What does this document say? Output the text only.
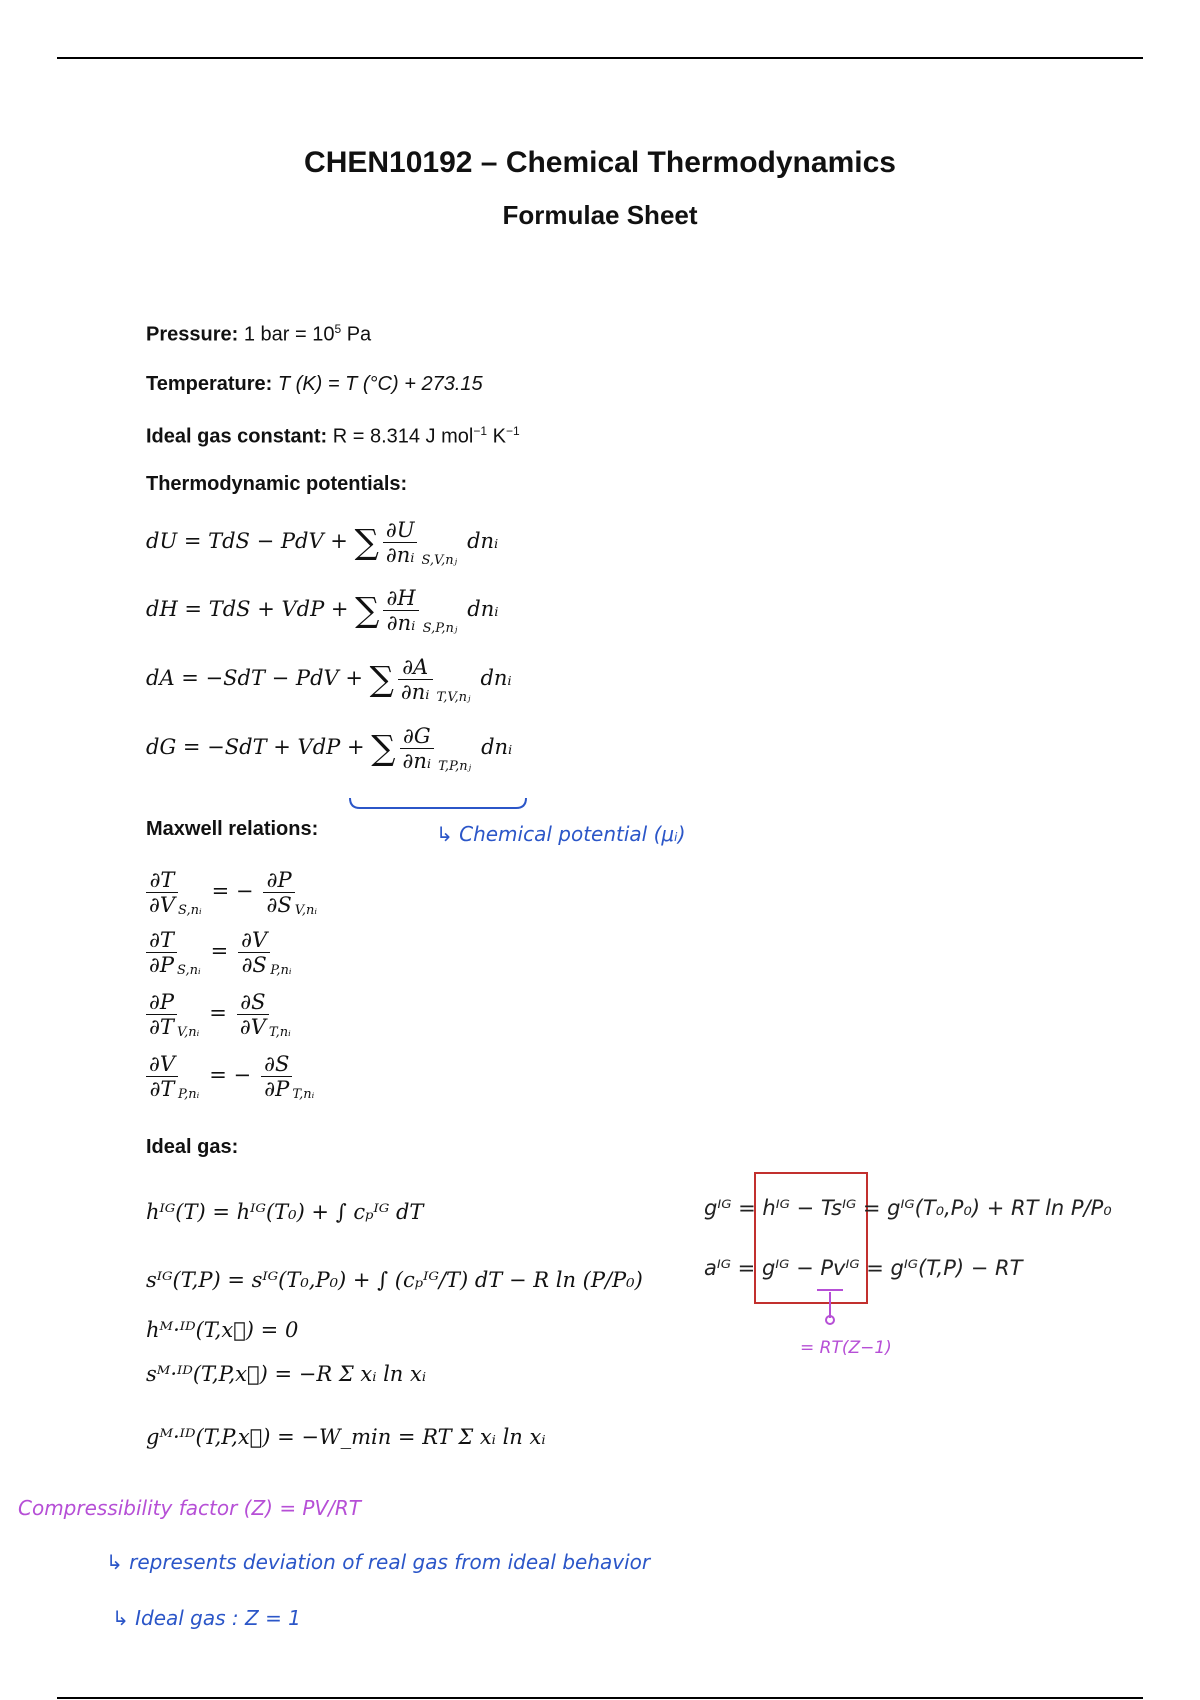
CHEN10192 – Chemical Thermodynamics
Formulae Sheet
Pressure: 1 bar = $10^5$ Pa
Temperature: T (K) = T (°C) + 273.15
Ideal gas constant: R = 8.314 J mol$^{-1}$ $K^{-1}$
Thermodynamic potentials:
dU = TdS − PdV + ∑ $\frac{\partial U}{\text{∂nᵢ}}$ $_{S,V,nⱼ}$dnᵢ
dH = TdS + VdP + ∑ $\frac{\partial H}{\text{∂nᵢ}}$ $_{S,P,nⱼ}$dnᵢ
dA = −SdT − PdV + ∑ $\frac{\partial A}{\text{∂nᵢ}}$ $_{T,V,nⱼ}$dnᵢ
dG = −SdT + VdP + ∑ $\frac{\partial G}{\text{∂nᵢ}}$ $_{T,P,nⱼ}$dnᵢ
Maxwell relations:	↳ Chemical potential (μᵢ)
$\frac{\partial T}{\partial V} _{S,nᵢ}= - \frac{\partial P}{\partial S} _{V,nᵢ}$
$\frac{\partial T}{\partial P} _{S,nᵢ}= \frac{\partial V}{\partial S} _{P,nᵢ}$
$\frac{\partial P}{\partial T} _{V,nᵢ}= \frac{\partial S}{\partial V} _{T,nᵢ}$
$\frac{\partial V}{\partial T} _{P,nᵢ}= - \frac{\partial S}{\partial P} _{T,nᵢ}$
Ideal gas:
hᴵᴳ(T) = hᴵᴳ(T₀) + ∫ cₚᴵᴳ dT
sᴵᴳ(T,P) = sᴵᴳ(T₀,P₀) + ∫ (cₚᴵᴳ/T) dT − R ln (P/P₀)
hᴹ·ᴵᴰ(T,x⃗) = 0
sᴹ·ᴵᴰ(T,P,x⃗) = −R Σ xᵢ ln xᵢ
gᴹ·ᴵᴰ(T,P,x⃗) = −W_min = RT Σ xᵢ ln xᵢ
gᴵᴳ = hᴵᴳ − Tsᴵᴳ = gᴵᴳ(T₀,P₀) + RT ln P/P₀
aᴵᴳ = gᴵᴳ − Pvᴵᴳ = gᴵᴳ(T,P) − RT
= RT(Z−1)
Compressibility factor (Z) = PV/RT
↳ represents deviation of real gas from ideal behavior
↳ Ideal gas : Z = 1
